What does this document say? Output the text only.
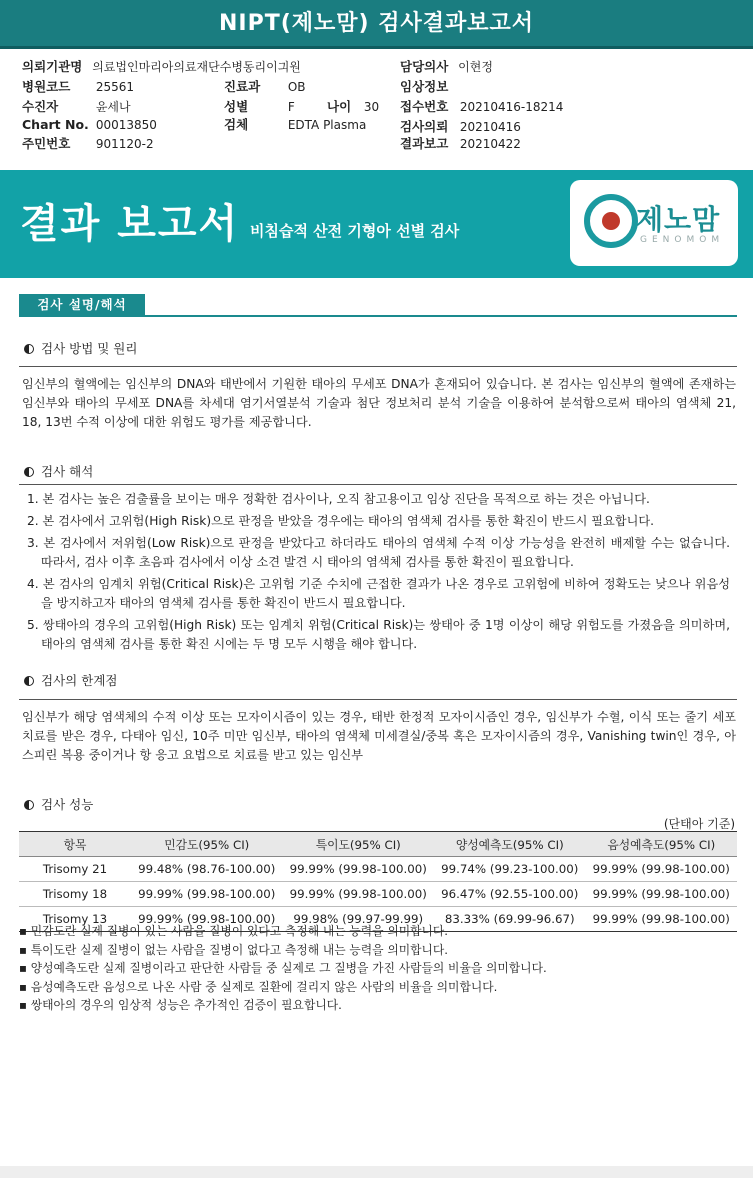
NIPT(제노맘) 검사결과보고서
의뢰기관명 의료법인마리아의료재단수병동리이긔원	담당의사 이현정
병원코드 25561	진료과 OB	임상정보
수진자	윤세나	성별	F	나이 30 접수번호 20210416-18214
Chart No. 00013850	검체	EDTA Plasma	검사의뢰 20210416
주민번호 901120-2	결과보고 20210422
결과 보고서 비침습적 산전 기형아 선별 검사	제노맘
GENOMOM
검사 설명/해석
검사 방법 및 원리
임신부의 혈액에는 임신부의 DNA와 태반에서 기원한 태아의 무세포 DNA가 혼재되어 있습니다. 본 검사는 임신부의 혈액에 존재하는 임신부와 태아의 무세포 DNA를 차세대 염기서열분석 기술과 첨단 정보처리 분석 기술을 이용하여 분석함으로써 태아의 염색체 21, 18, 13번 수적 이상에 대한 위험도 평가를 제공합니다.
검사 해석
1. 본 검사는 높은 검출률을 보이는 매우 정확한 검사이나, 오직 참고용이고 임상 진단을 목적으로 하는 것은 아닙니다.
2. 본 검사에서 고위험(High Risk)으로 판정을 받았을 경우에는 태아의 염색체 검사를 통한 확진이 반드시 필요합니다.
3. 본 검사에서 저위험(Low Risk)으로 판정을 받았다고 하더라도 태아의 염색체 수적 이상 가능성을 완전히 배제할 수는 없습니다. 따라서, 검사 이후 초음파 검사에서 이상 소견 발견 시 태아의 염색체 검사를 통한 확진이 필요합니다.
4. 본 검사의 임계치 위험(Critical Risk)은 고위험 기준 수치에 근접한 결과가 나온 경우로 고위험에 비하여 정확도는 낮으나 위음성을 방지하고자 태아의 염색체 검사를 통한 확진이 반드시 필요합니다.
5. 쌍태아의 경우의 고위험(High Risk) 또는 임계치 위험(Critical Risk)는 쌍태아 중 1명 이상이 해당 위험도를 가졌음을 의미하며, 태아의 염색체 검사를 통한 확진 시에는 두 명 모두 시행을 해야 합니다.
검사의 한계점
임신부가 해당 염색체의 수적 이상 또는 모자이시즘이 있는 경우, 태반 한정적 모자이시즘인 경우, 임신부가 수혈, 이식 또는 줄기 세포 치료를 받은 경우, 다태아 임신, 10주 미만 임신부, 태아의 염색체 미세결실/중복 혹은 모자이시즘의 경우, Vanishing twin인 경우, 아스피린 복용 중이거나 항 응고 요법으로 치료를 받고 있는 임신부
검사 성능
(단태아 기준)
항목	민감도(95% CI)	특이도(95% CI)	양성예측도(95% CI)	음성예측도(95% CI)
Trisomy 21	99.48% (98.76-100.00)	99.99% (99.98-100.00)	99.74% (99.23-100.00)	99.99% (99.98-100.00)
Trisomy 18	99.99% (99.98-100.00)	99.99% (99.98-100.00)	96.47% (92.55-100.00)	99.99% (99.98-100.00)
Trisomy 13	99.99% (99.98-100.00)	99.98% (99.97-99.99)	83.33% (69.99-96.67)	99.99% (99.98-100.00)
▪ 민감도란 실제 질병이 있는 사람을 질병이 있다고 측정해 내는 능력을 의미합니다.
▪ 특이도란 실제 질병이 없는 사람을 질병이 없다고 측정해 내는 능력을 의미합니다.
▪ 양성예측도란 실제 질병이라고 판단한 사람들 중 실제로 그 질병을 가진 사람들의 비율을 의미합니다.
▪ 음성예측도란 음성으로 나온 사람 중 실제로 질환에 걸리지 않은 사람의 비율을 의미합니다.
▪ 쌍태아의 경우의 임상적 성능은 추가적인 검증이 필요합니다.
